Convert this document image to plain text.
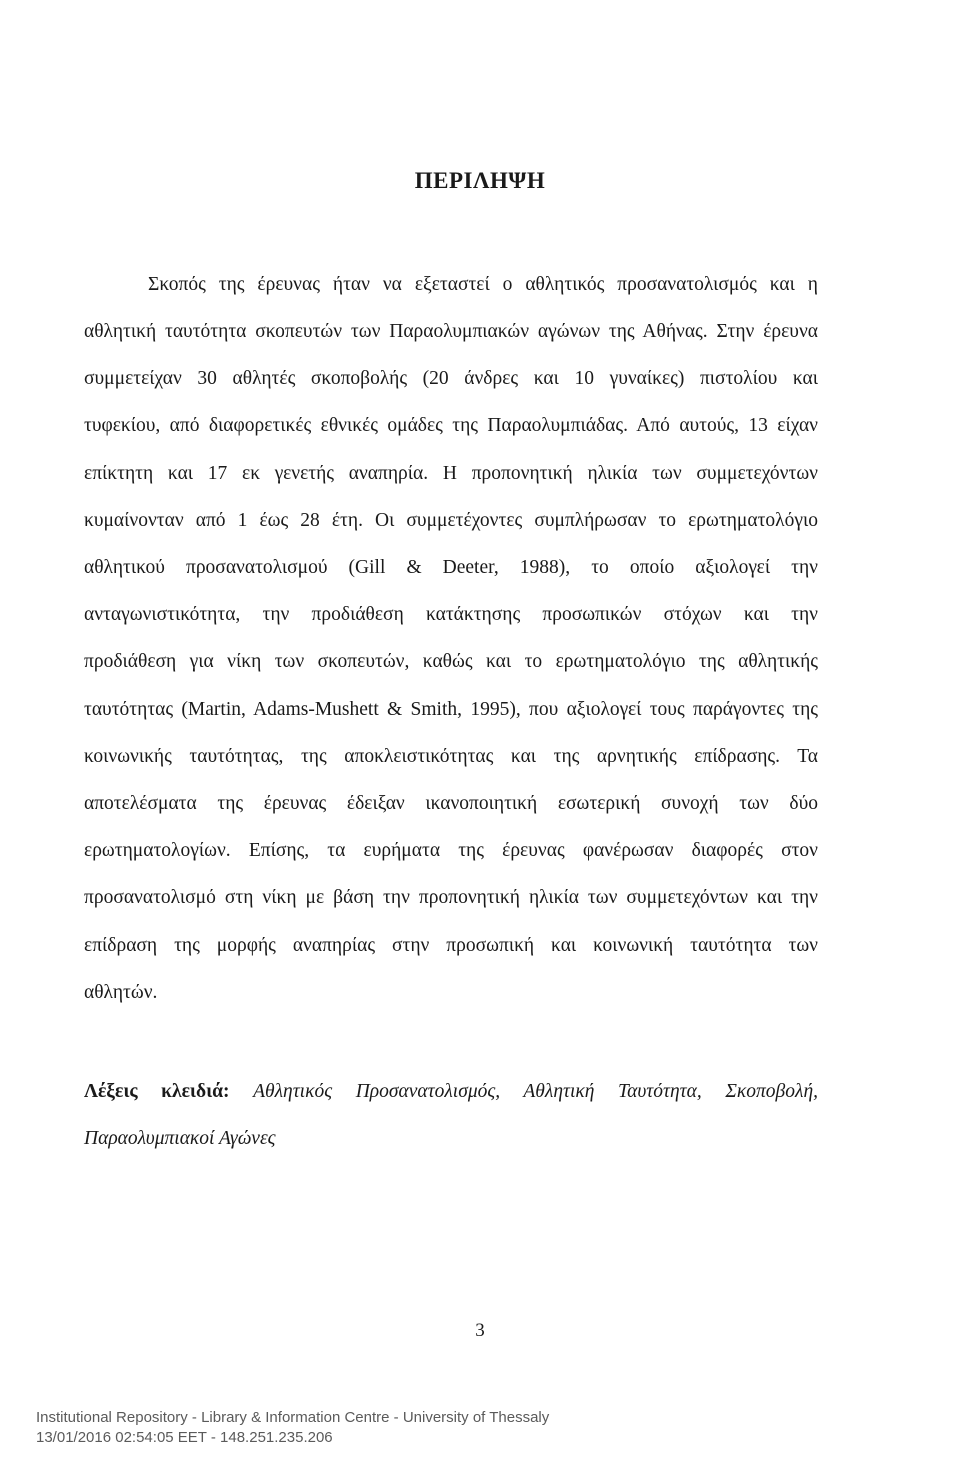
ΠΕΡΙΛΗΨΗ

Σκοπός της έρευνας ήταν να εξεταστεί ο αθλητικός προσανατολισμός και η

αθλητική ταυτότητα σκοπευτών των Παραολυμπιακών αγώνων της Αθήνας. Στην έρευνα

συμμετείχαν 30 αθλητές σκοποβολής (20 άνδρες και 10 γυναίκες) πιστολίου και

τυφεκίου, από διαφορετικές εθνικές ομάδες της Παραολυμπιάδας. Από αυτούς, 13 είχαν

επίκτητη και 17 εκ γενετής αναπηρία. Η προπονητική ηλικία των συμμετεχόντων

κυμαίνονταν από 1 έως 28 έτη. Οι συμμετέχοντες συμπλήρωσαν το ερωτηματολόγιο

αθλητικού προσανατολισμού (Gill & Deeter, 1988), το οποίο αξιολογεί την

ανταγωνιστικότητα, την προδιάθεση κατάκτησης προσωπικών στόχων και την

προδιάθεση για νίκη των σκοπευτών, καθώς και το ερωτηματολόγιο της αθλητικής

ταυτότητας (Martin, Adams-Mushett & Smith, 1995), που αξιολογεί τους παράγοντες της

κοινωνικής ταυτότητας, της αποκλειστικότητας και της αρνητικής επίδρασης. Τα

αποτελέσματα της έρευνας έδειξαν ικανοποιητική εσωτερική συνοχή των δύο

ερωτηματολογίων. Επίσης, τα ευρήματα της έρευνας φανέρωσαν διαφορές στον

προσανατολισμό στη νίκη με βάση την προπονητική ηλικία των συμμετεχόντων και την

επίδραση της μορφής αναπηρίας στην προσωπική και κοινωνική ταυτότητα των

αθλητών.

Λέξεις κλειδιά: Αθλητικός Προσανατολισμός, Αθλητική Ταυτότητα, Σκοποβολή,
Παραολυμπιακοί Αγώνες
3
Institutional Repository - Library & Information Centre - University of Thessaly
13/01/2016 02:54:05 EET - 148.251.235.206
